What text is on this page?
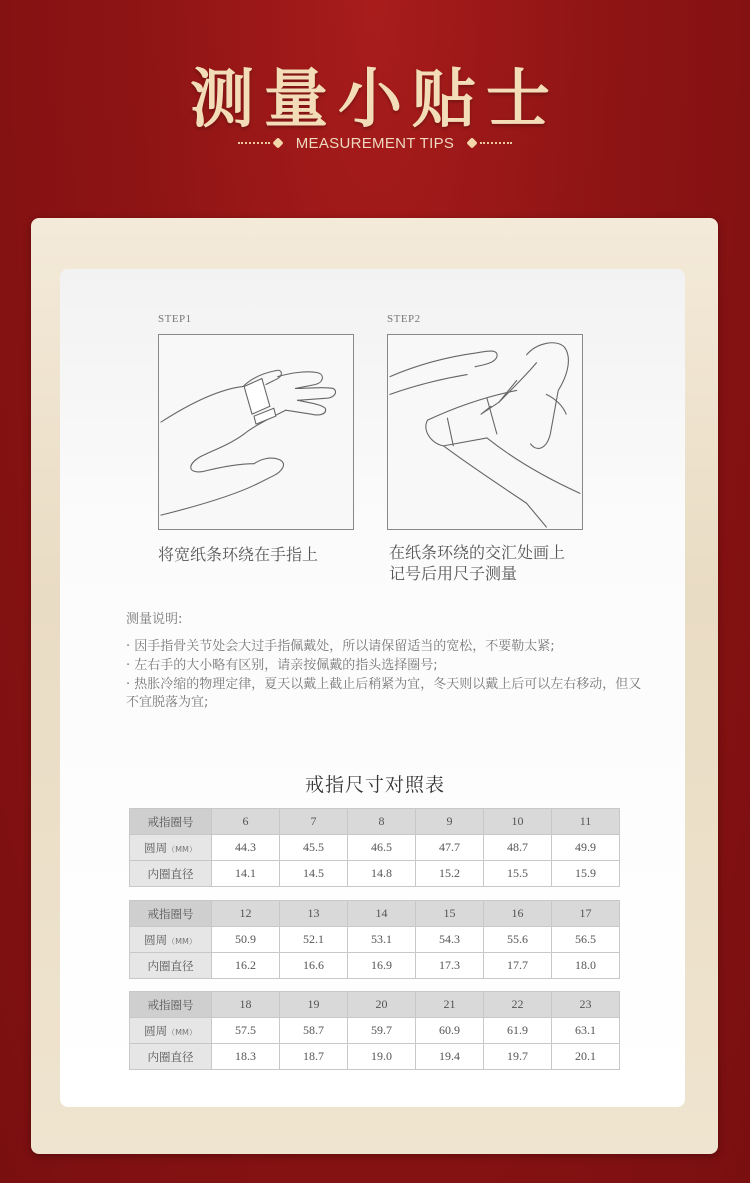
测量小贴士
MEASUREMENT TIPS
STEP1
将宽纸条环绕在手指上
STEP2
在纸条环绕的交汇处画上
记号后用尺子测量
测量说明:
· 因手指骨关节处会大过手指佩戴处，所以请保留适当的宽松，不要勒太紧;
· 左右手的大小略有区别，请亲按佩戴的指头选择圈号;
· 热胀冷缩的物理定律，夏天以戴上截止后稍紧为宜，冬天则以戴上后可以左右移动，但又不宜脱落为宜;
戒指尺寸对照表
戒指圈号	6	7	8	9	10	11
圆周（MM）	44.3	45.5	46.5	47.7	48.7	49.9
内圈直径	14.1	14.5	14.8	15.2	15.5	15.9
戒指圈号	12	13	14	15	16	17
圆周（MM）	50.9	52.1	53.1	54.3	55.6	56.5
内圈直径	16.2	16.6	16.9	17.3	17.7	18.0
戒指圈号	18	19	20	21	22	23
圆周（MM）	57.5	58.7	59.7	60.9	61.9	63.1
内圈直径	18.3	18.7	19.0	19.4	19.7	20.1
